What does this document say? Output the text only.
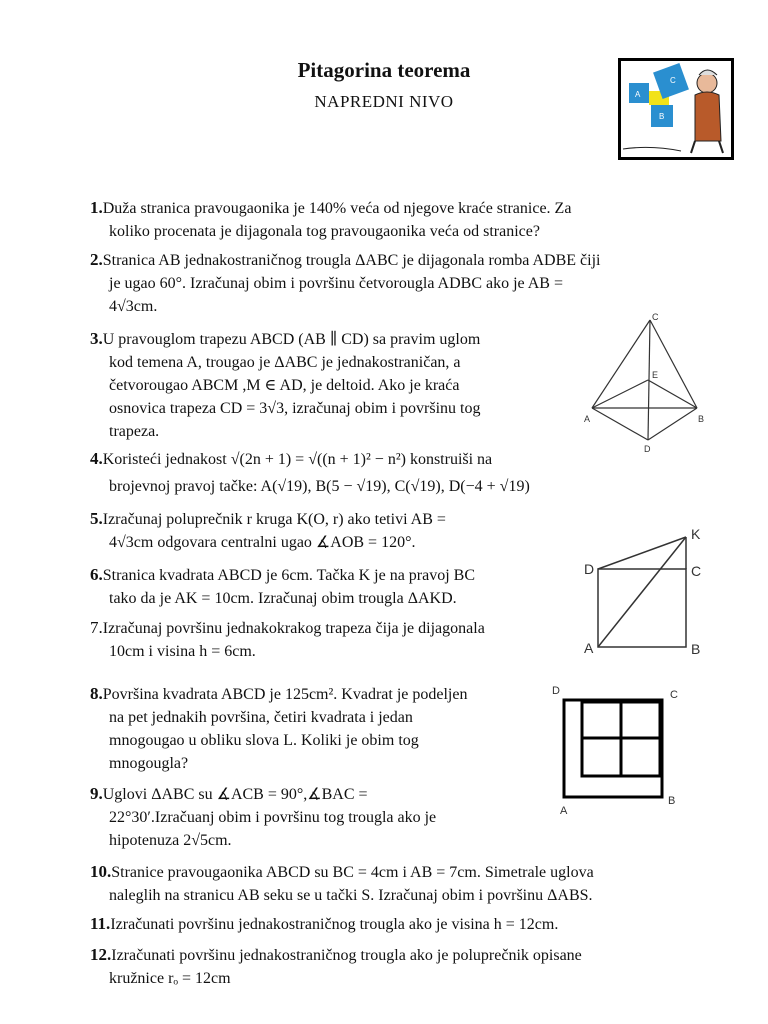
Pitagorina teorema
NAPREDNI NIVO	A
C
B
1.Duža stranica pravougaonika je 140% veća od njegove kraće stranice. Za
koliko procenata je dijagonala tog pravougaonika veća od stranice?
2.Stranica AB jednakostraničnog trougla ΔABC je dijagonala romba ADBE čiji
je ugao 60°. Izračunaj obim i površinu četvorougla ADBC ako je AB =
4√3cm.
3.U pravouglom trapezu ABCD (AB ∥ CD) sa pravim uglom
kod temena A, trougao je ΔABC je jednakostraničan, a
četvorougao ABCM ,M ∈ AD, je deltoid. Ako je kraća
osnovica trapeza CD = 3√3, izračunaj obim i površinu tog
trapeza.
4.Koristeći jednakost √(2n + 1) = √((n + 1)² − n²) konstruiši na
brojevnoj pravoj tačke: A(√19), B(5 − √19), C(√19), D(−4 + √19)
5.Izračunaj poluprečnik r kruga K(O, r) ako tetivi AB =
4√3cm odgovara centralni ugao ∡AOB = 120°.
6.Stranica kvadrata ABCD je 6cm. Tačka K je na pravoj BC
tako da je AK = 10cm. Izračunaj obim trougla ΔAKD.
7.Izračunaj površinu jednakokrakog trapeza čija je dijagonala
10cm i visina h = 6cm.
8.Površina kvadrata ABCD je 125cm². Kvadrat je podeljen
na pet jednakih površina, četiri kvadrata i jedan
mnogougao u obliku slova L. Koliki je obim tog
mnogougla?
9.Uglovi ΔABC su ∡ACB = 90°,∡BAC =
22°30′.Izračuanj obim i površinu tog trougla ako je
hipotenuza 2√5cm.
10.Stranice pravougaonika ABCD su BC = 4cm i AB = 7cm. Simetrale uglova
naleglih na stranicu AB seku se u tački S. Izračunaj obim i površinu ΔABS.
11.Izračunati površinu jednakostraničnog trougla ako je visina h = 12cm.
12.Izračunati površinu jednakostraničnog trougla ako je poluprečnik opisane
kružnice rₒ = 12cm
C
E
A	B
D
K
D	C
A	B
D	C
A
B
